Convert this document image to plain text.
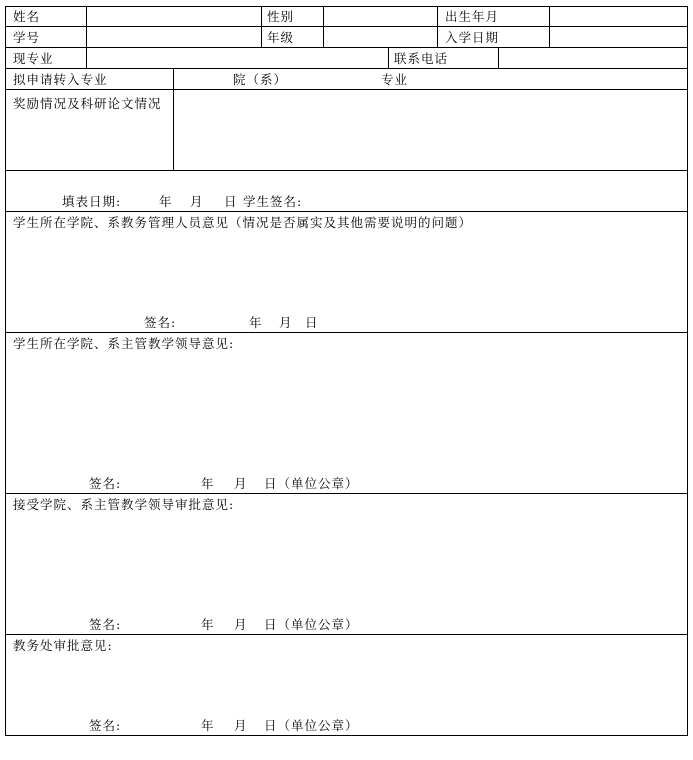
姓名	性别	出生年月
学号	年级	入学日期
现专业	联系电话
拟申请转入专业	院（系）	专业
奖励情况及科研论文情况
填表日期:	年 月 日 学生签名:
学生所在学院、系教务管理人员意见（情况是否属实及其他需要说明的问题）
签名:	年 月 日
学生所在学院、系主管教学领导意见:
签名:	年 月 日（单位公章）
接受学院、系主管教学领导审批意见:
签名:	年 月 日（单位公章）
教务处审批意见:
签名:	年 月 日（单位公章）
